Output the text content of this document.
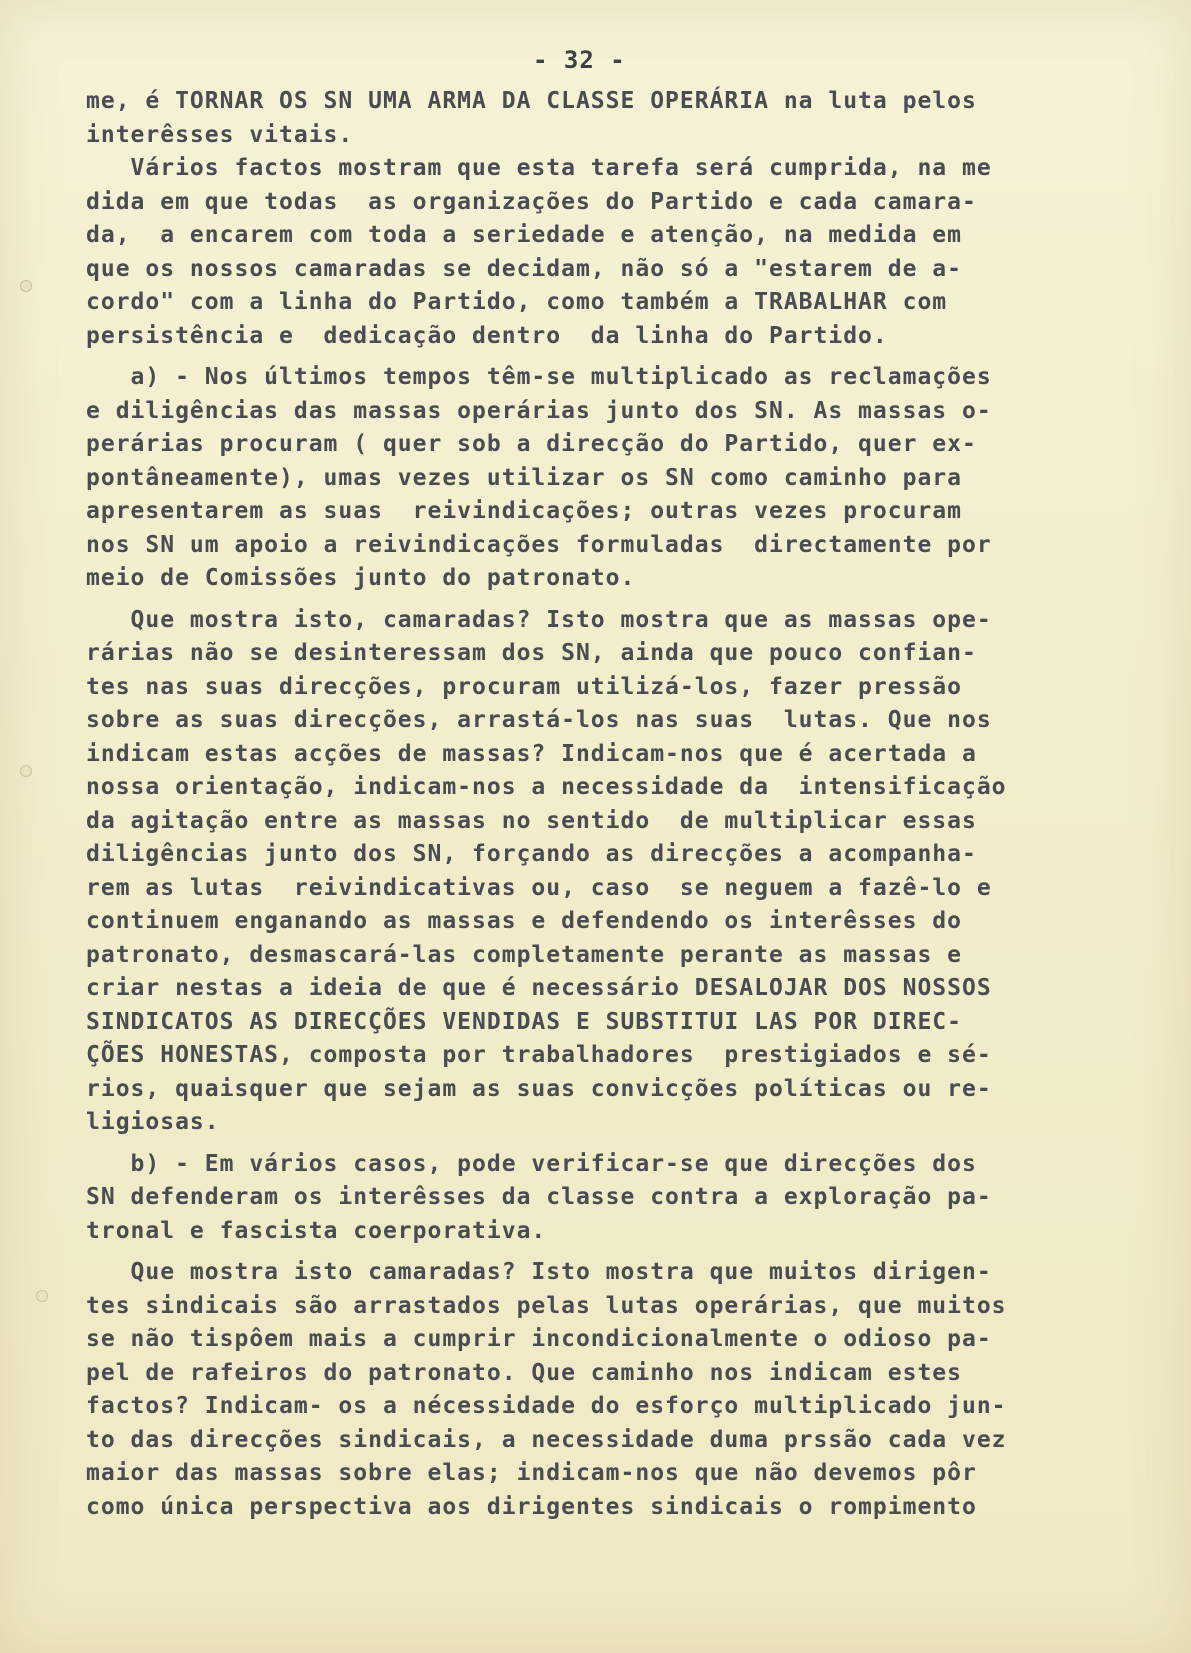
- 32 -
me, é TORNAR OS SN UMA ARMA DA CLASSE OPERÁRIA na luta pelos
interêsses vitais.
Vários factos mostram que esta tarefa será cumprida, na me
dida em que todas  as organizações do Partido e cada camara-
da,  a encarem com toda a seriedade e atenção, na medida em
que os nossos camaradas se decidam, não só a "estarem de a-
cordo" com a linha do Partido, como também a TRABALHAR com
persistência e  dedicação dentro  da linha do Partido.
a) - Nos últimos tempos têm-se multiplicado as reclamações
e diligências das massas operárias junto dos SN. As massas o-
perárias procuram ( quer sob a direcção do Partido, quer ex-
pontâneamente), umas vezes utilizar os SN como caminho para
apresentarem as suas  reivindicações; outras vezes procuram
nos SN um apoio a reivindicações formuladas  directamente por
meio de Comissões junto do patronato.
Que mostra isto, camaradas? Isto mostra que as massas ope-
rárias não se desinteressam dos SN, ainda que pouco confian-
tes nas suas direcções, procuram utilizá-los, fazer pressão
sobre as suas direcções, arrastá-los nas suas  lutas. Que nos
indicam estas acções de massas? Indicam-nos que é acertada a
nossa orientação, indicam-nos a necessidade da  intensificação
da agitação entre as massas no sentido  de multiplicar essas
diligências junto dos SN, forçando as direcções a acompanha-
rem as lutas  reivindicativas ou, caso  se neguem a fazê-lo e
continuem enganando as massas e defendendo os interêsses do
patronato, desmascará-las completamente perante as massas e
criar nestas a ideia de que é necessário DESALOJAR DOS NOSSOS
SINDICATOS AS DIRECÇÕES VENDIDAS E SUBSTITUI LAS POR DIREC-
ÇÕES HONESTAS, composta por trabalhadores  prestigiados e sé-
rios, quaisquer que sejam as suas convicções políticas ou re-
ligiosas.
b) - Em vários casos, pode verificar-se que direcções dos
SN defenderam os interêsses da classe contra a exploração pa-
tronal e fascista coerporativa.
Que mostra isto camaradas? Isto mostra que muitos dirigen-
tes sindicais são arrastados pelas lutas operárias, que muitos
se não tispôem mais a cumprir incondicionalmente o odioso pa-
pel de rafeiros do patronato. Que caminho nos indicam estes
factos? Indicam- os a nécessidade do esforço multiplicado jun-
to das direcções sindicais, a necessidade duma prssão cada vez
maior das massas sobre elas; indicam-nos que não devemos pôr
como única perspectiva aos dirigentes sindicais o rompimento
